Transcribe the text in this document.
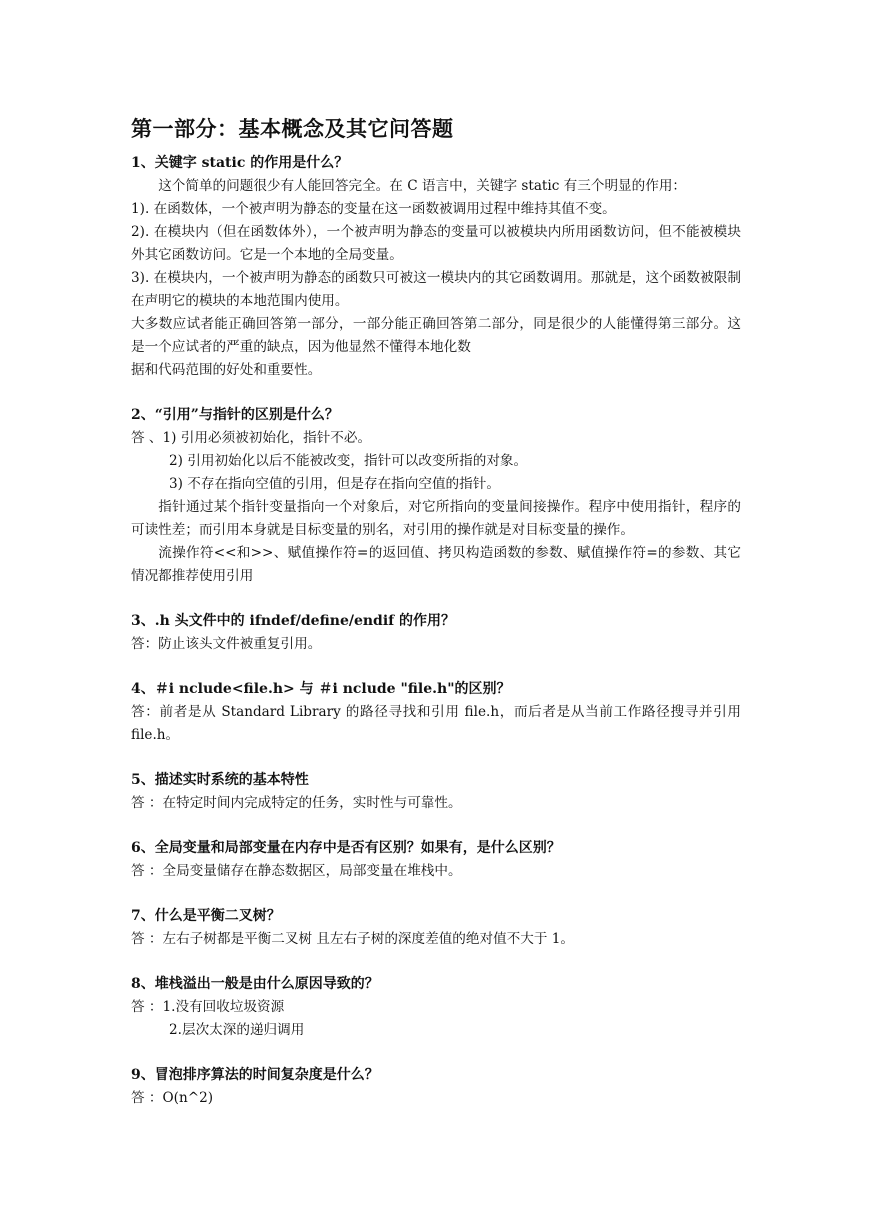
第一部分：基本概念及其它问答题

1、关键字 static 的作用是什么？

这个简单的问题很少有人能回答完全。在 C 语言中，关键字 static 有三个明显的作用：

1). 在函数体，一个被声明为静态的变量在这一函数被调用过程中维持其值不变。

2). 在模块内（但在函数体外），一个被声明为静态的变量可以被模块内所用函数访问，但不能被模块外其它函数访问。它是一个本地的全局变量。

3). 在模块内，一个被声明为静态的函数只可被这一模块内的其它函数调用。那就是，这个函数被限制在声明它的模块的本地范围内使用。

大多数应试者能正确回答第一部分，一部分能正确回答第二部分，同是很少的人能懂得第三部分。这是一个应试者的严重的缺点，因为他显然不懂得本地化数

据和代码范围的好处和重要性。

2、“引用”与指针的区别是什么？

答 、1) 引用必须被初始化，指针不必。

2) 引用初始化以后不能被改变，指针可以改变所指的对象。

3) 不存在指向空值的引用，但是存在指向空值的指针。

指针通过某个指针变量指向一个对象后，对它所指向的变量间接操作。程序中使用指针，程序的可读性差；而引用本身就是目标变量的别名，对引用的操作就是对目标变量的操作。

流操作符<<和>>、赋值操作符=的返回值、拷贝构造函数的参数、赋值操作符=的参数、其它情况都推荐使用引用

3、.h 头文件中的 ifndef/define/endif 的作用？

答：防止该头文件被重复引用。

4、＃i nclude<file.h> 与 ＃i nclude "file.h"的区别？

答：前者是从 Standard Library 的路径寻找和引用 file.h，而后者是从当前工作路径搜寻并引用 file.h。

5、描述实时系统的基本特性

答 ：在特定时间内完成特定的任务，实时性与可靠性。

6、全局变量和局部变量在内存中是否有区别？如果有，是什么区别？

答 ：全局变量储存在静态数据区，局部变量在堆栈中。

7、什么是平衡二叉树？

答 ：左右子树都是平衡二叉树 且左右子树的深度差值的绝对值不大于 1。

8、堆栈溢出一般是由什么原因导致的？

答 ：1.没有回收垃圾资源

2.层次太深的递归调用

9、冒泡排序算法的时间复杂度是什么？

答 ：O(n^2)
